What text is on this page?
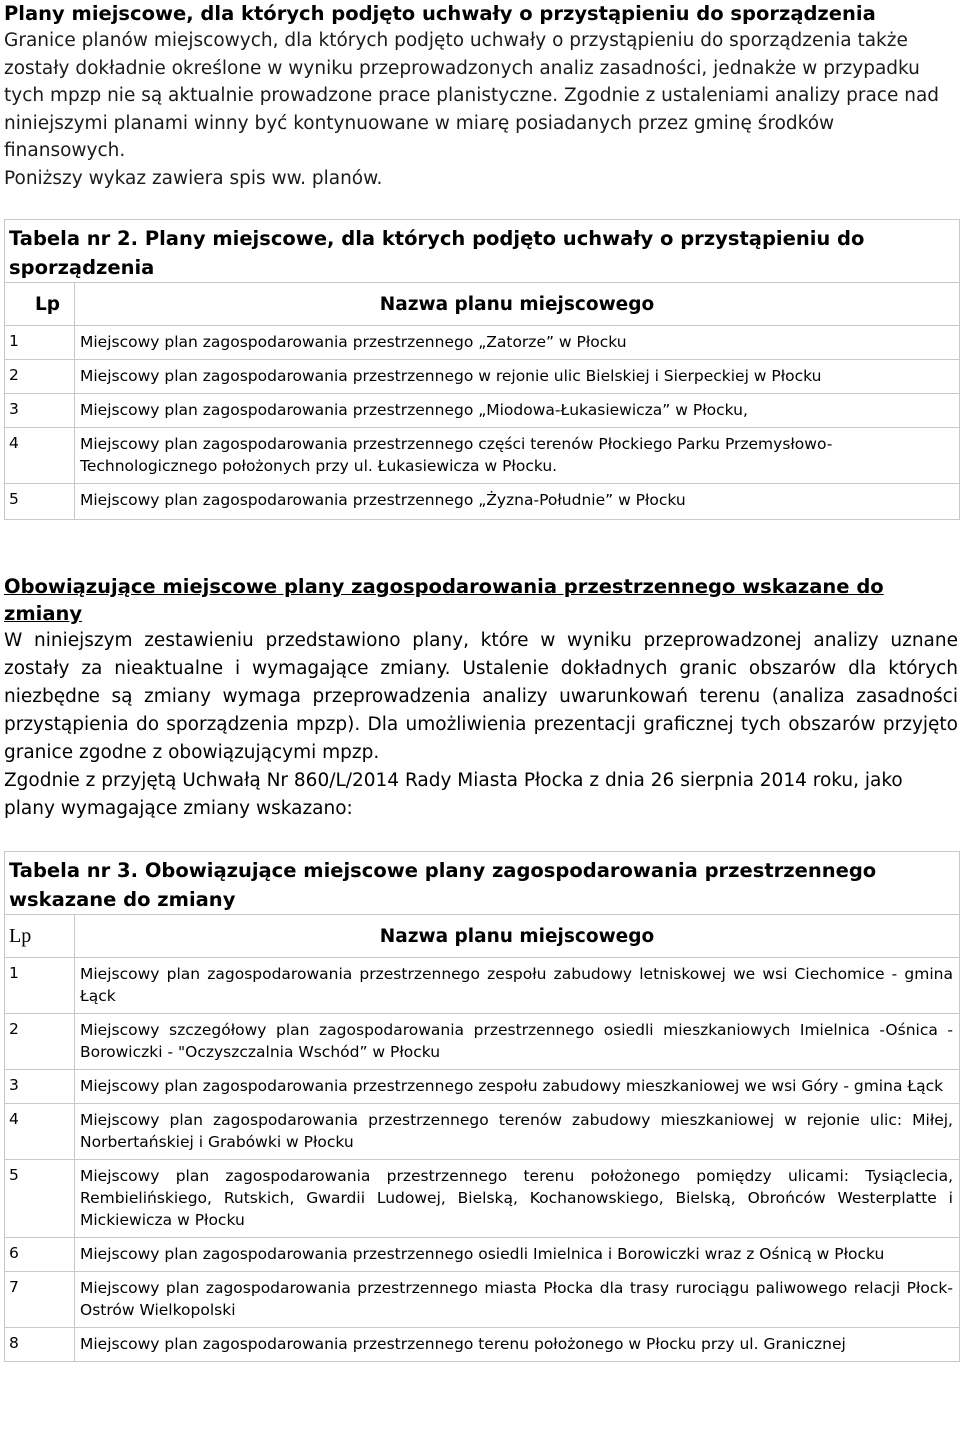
Plany miejscowe, dla których podjęto uchwały o przystąpieniu do sporządzenia

Granice planów miejscowych, dla których podjęto uchwały o przystąpieniu do sporządzenia także zostały dokładnie określone w wyniku przeprowadzonych analiz zasadności, jednakże w przypadku tych mpzp nie są aktualnie prowadzone prace planistyczne. Zgodnie z ustaleniami analizy prace nad niniejszymi planami winny być kontynuowane w miarę posiadanych przez gminę środków finansowych.

Poniższy wykaz zawiera spis ww. planów.

Tabela nr 2. Plany miejscowe, dla których podjęto uchwały o przystąpieniu do sporządzenia	
Lp	Nazwa planu miejscowego
1	Miejscowy plan zagospodarowania przestrzennego „Zatorze” w Płocku
2	Miejscowy plan zagospodarowania przestrzennego w rejonie ulic Bielskiej i Sierpeckiej w Płocku
3	Miejscowy plan zagospodarowania przestrzennego „Miodowa-Łukasiewicza” w Płocku,
4	Miejscowy plan zagospodarowania przestrzennego części terenów Płockiego Parku Przemysłowo-Technologicznego położonych przy ul. Łukasiewicza w Płocku.
5	Miejscowy plan zagospodarowania przestrzennego „Żyzna-Południe” w Płocku
Obowiązujące miejscowe plany zagospodarowania przestrzennego wskazane do zmiany

W niniejszym zestawieniu przedstawiono plany, które w wyniku przeprowadzonej analizy uznane zostały za nieaktualne i wymagające zmiany. Ustalenie dokładnych granic obszarów dla których niezbędne są zmiany wymaga przeprowadzenia analizy uwarunkowań terenu (analiza zasadności przystąpienia do sporządzenia mpzp). Dla umożliwienia prezentacji graficznej tych obszarów przyjęto granice zgodne z obowiązującymi mpzp.

Zgodnie z przyjętą Uchwałą Nr 860/L/2014 Rady Miasta Płocka z dnia 26 sierpnia 2014 roku, jako plany wymagające zmiany wskazano:

Tabela nr 3. Obowiązujące miejscowe plany zagospodarowania przestrzennego wskazane do zmiany	
Lp	Nazwa planu miejscowego
1	Miejscowy plan zagospodarowania przestrzennego zespołu zabudowy letniskowej we wsi Ciechomice - gmina Łąck
2	Miejscowy szczegółowy plan zagospodarowania przestrzennego osiedli mieszkaniowych Imielnica -Ośnica - Borowiczki - "Oczyszczalnia Wschód” w Płocku
3	Miejscowy plan zagospodarowania przestrzennego zespołu zabudowy mieszkaniowej we wsi Góry - gmina Łąck
4	Miejscowy plan zagospodarowania przestrzennego terenów zabudowy mieszkaniowej w rejonie ulic: Miłej, Norbertańskiej i Grabówki w Płocku
5	Miejscowy plan zagospodarowania przestrzennego terenu położonego pomiędzy ulicami: Tysiąclecia, Rembielińskiego, Rutskich, Gwardii Ludowej, Bielską, Kochanowskiego, Bielską, Obrońców Westerplatte i Mickiewicza w Płocku
6	Miejscowy plan zagospodarowania przestrzennego osiedli Imielnica i Borowiczki wraz z Ośnicą w Płocku
7	Miejscowy plan zagospodarowania przestrzennego miasta Płocka dla trasy rurociągu paliwowego relacji Płock-Ostrów Wielkopolski
8	Miejscowy plan zagospodarowania przestrzennego terenu położonego w Płocku przy ul. Granicznej
